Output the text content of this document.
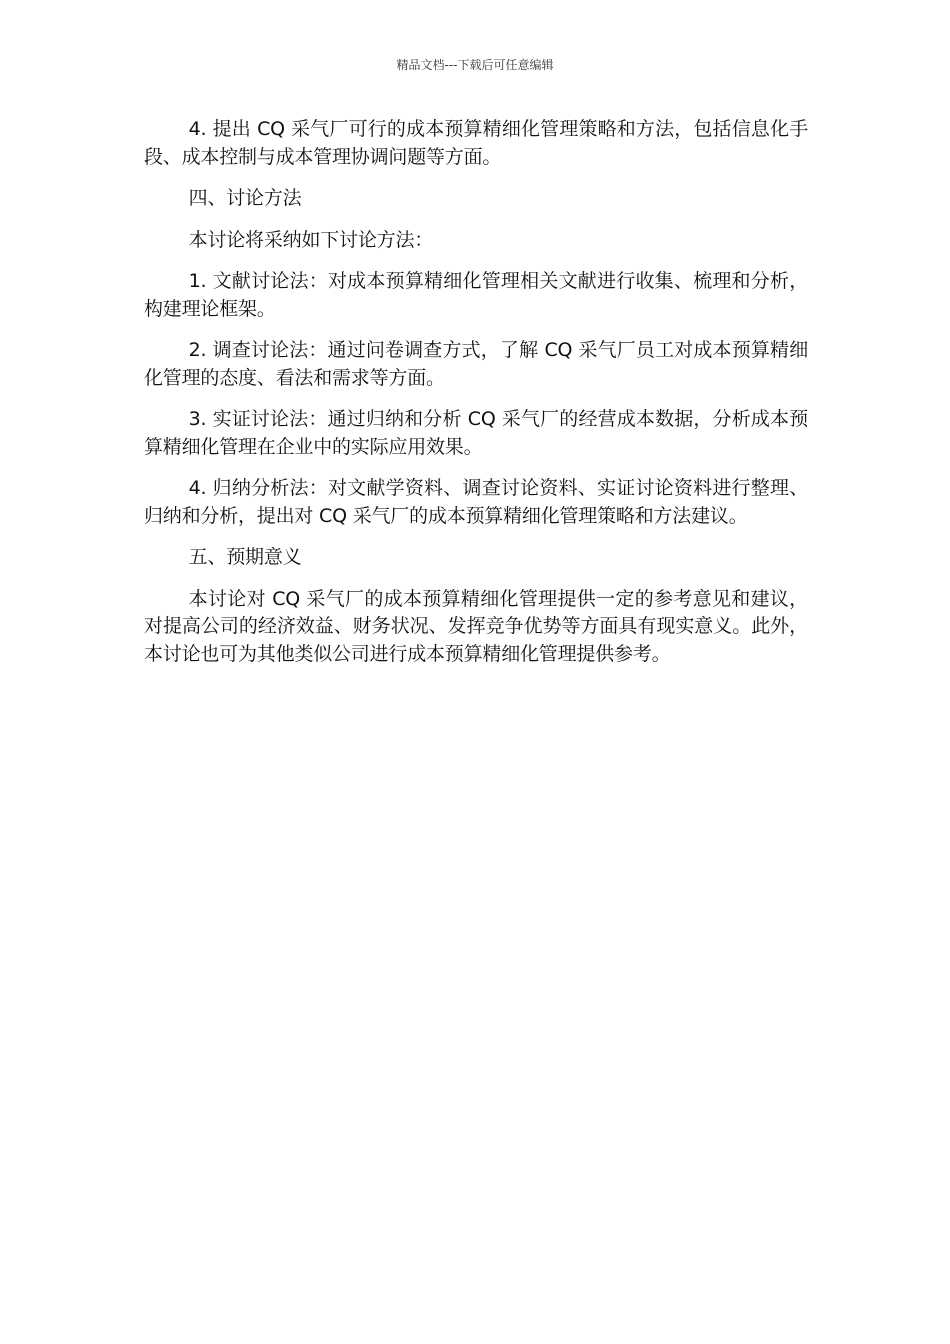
精品文档---下载后可任意编辑

4. 提出 CQ 采气厂可行的成本预算精细化管理策略和方法，包括信息化手段、成本控制与成本管理协调问题等方面。

四、讨论方法

本讨论将采纳如下讨论方法：

1. 文献讨论法：对成本预算精细化管理相关文献进行收集、梳理和分析，构建理论框架。

2. 调查讨论法：通过问卷调查方式，了解 CQ 采气厂员工对成本预算精细化管理的态度、看法和需求等方面。

3. 实证讨论法：通过归纳和分析 CQ 采气厂的经营成本数据，分析成本预算精细化管理在企业中的实际应用效果。

4. 归纳分析法：对文献学资料、调查讨论资料、实证讨论资料进行整理、归纳和分析，提出对 CQ 采气厂的成本预算精细化管理策略和方法建议。

五、预期意义

本讨论对 CQ 采气厂的成本预算精细化管理提供一定的参考意见和建议，对提高公司的经济效益、财务状况、发挥竞争优势等方面具有现实意义。此外，本讨论也可为其他类似公司进行成本预算精细化管理提供参考。
